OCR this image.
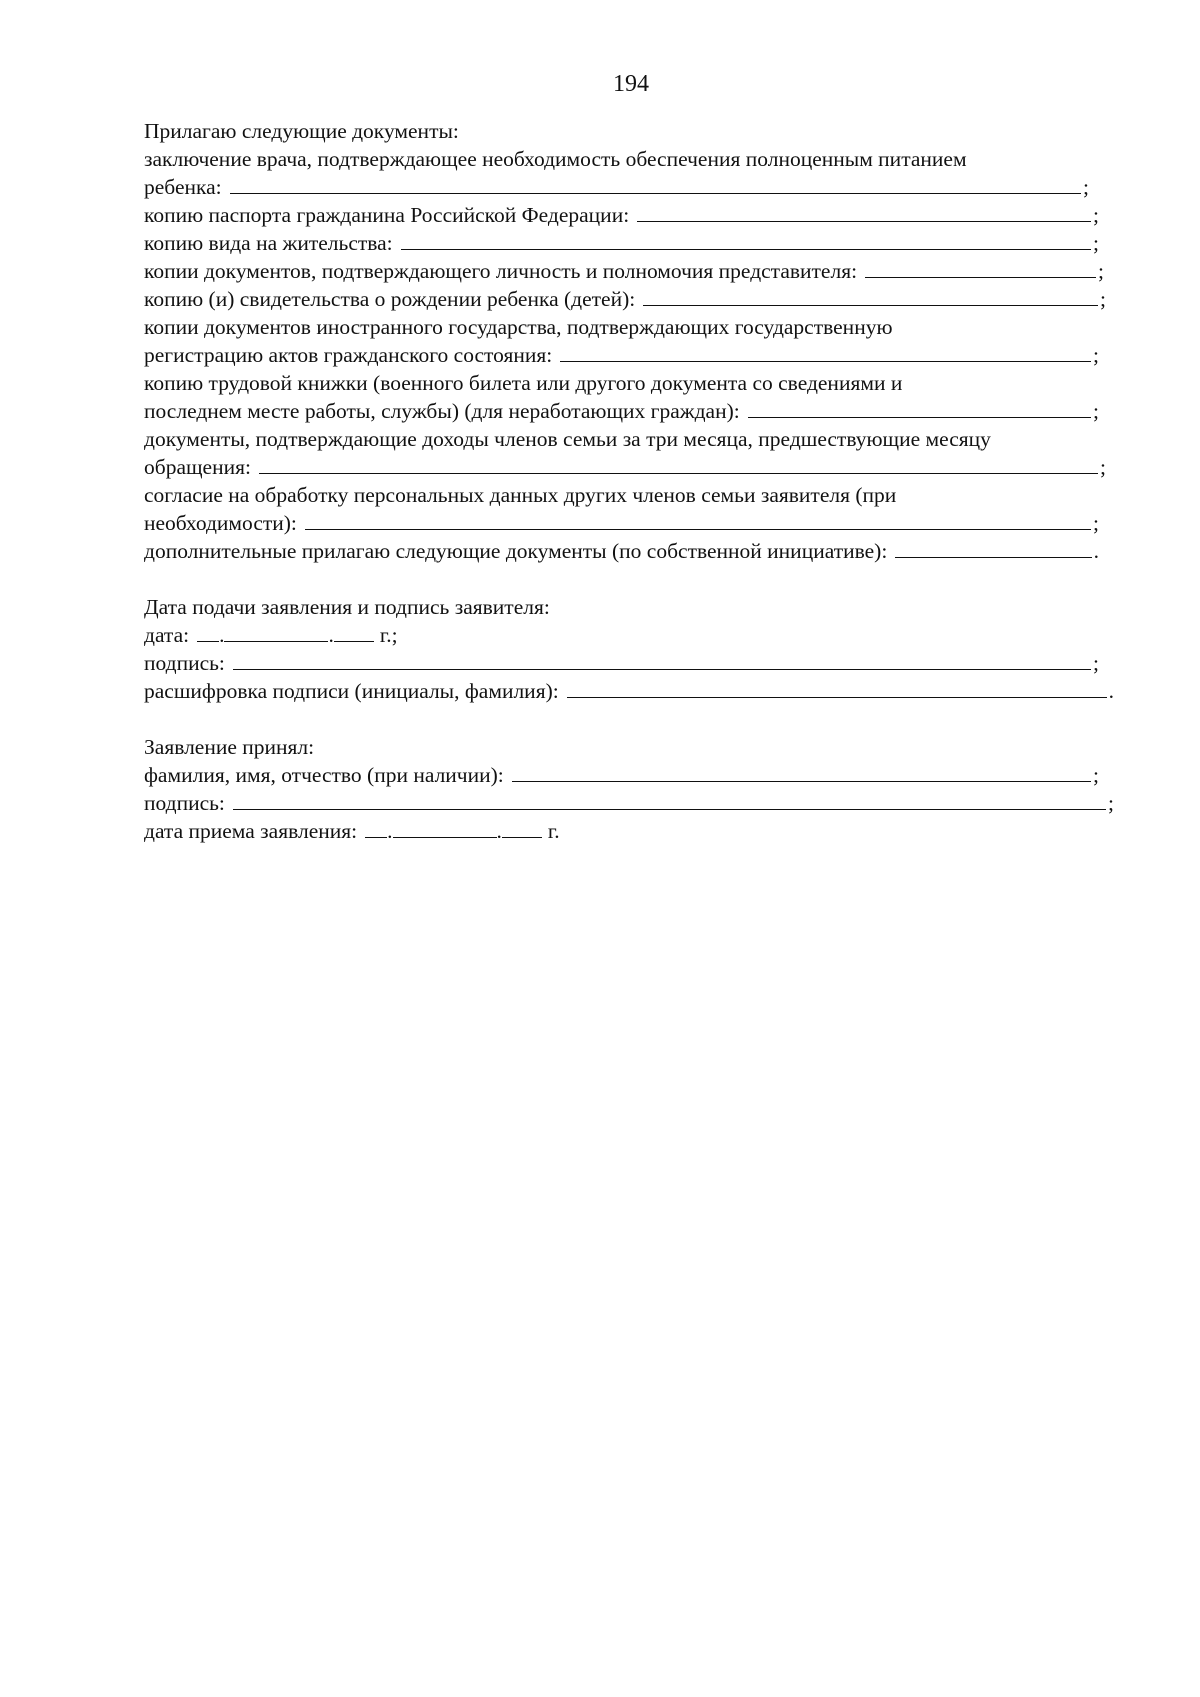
194
Прилагаю следующие документы:
заключение врача, подтверждающее необходимость обеспечения полноценным питанием
ребенка:	;
копию паспорта гражданина Российской Федерации:	;
копию вида на жительства:	;
копии документов, подтверждающего личность и полномочия представителя:	;
копию (и) свидетельства о рождении ребенка (детей):	;
копии документов иностранного государства, подтверждающих государственную
регистрацию актов гражданского состояния:	;
копию трудовой книжки (военного билета или другого документа со сведениями и
последнем месте работы, службы) (для неработающих граждан):	;
документы, подтверждающие доходы членов семьи за три месяца, предшествующие месяцу
обращения:	;
согласие на обработку персональных данных других членов семьи заявителя (при
необходимости):	;
дополнительные прилагаю следующие документы (по собственной инициативе):	.
Дата подачи заявления и подпись заявителя:
дата: .	. г.;
подпись:	;
расшифровка подписи (инициалы, фамилия):	.
Заявление принял:
фамилия, имя, отчество (при наличии):	;
подпись:	;
дата приема заявления: .	. г.
